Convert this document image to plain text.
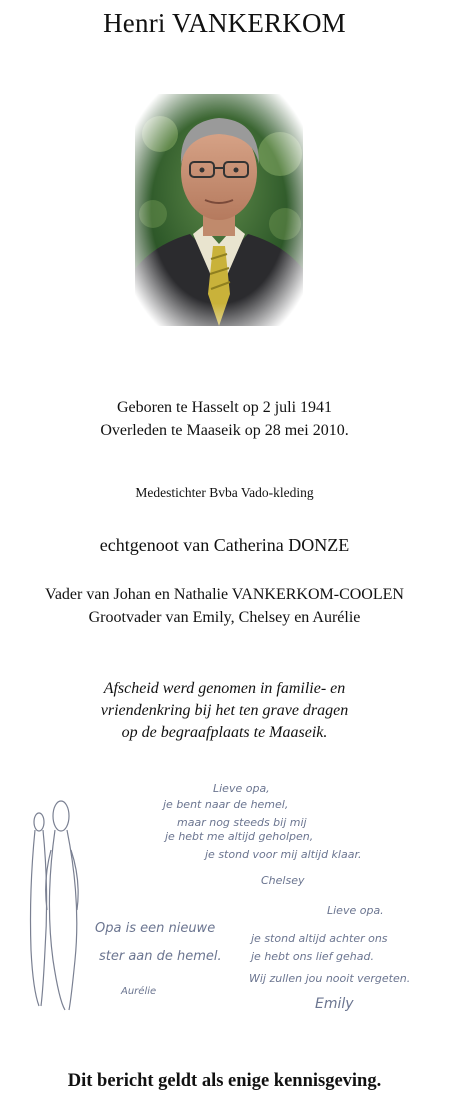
Henri VANKERKOM
Geboren te Hasselt op 2 juli 1941
Overleden te Maaseik op 28 mei 2010.
Medestichter Bvba Vado-kleding
echtgenoot van Catherina DONZE
Vader van Johan en Nathalie VANKERKOM-COOLEN
Grootvader van Emily, Chelsey en Aurélie
Afscheid werd genomen in familie- en
vriendenkring bij het ten grave dragen
op de begraafplaats te Maaseik.
Lieve opa,
je bent naar de hemel,
maar nog steeds bij mij
je hebt me altijd geholpen,
je stond voor mij altijd klaar.
Chelsey
Opa is een nieuwe
ster aan de hemel.
Aurélie
Lieve opa.
je stond altijd achter ons
je hebt ons lief gehad.
Wij zullen jou nooit vergeten.
Emily
Dit bericht geldt als enige kennisgeving.
